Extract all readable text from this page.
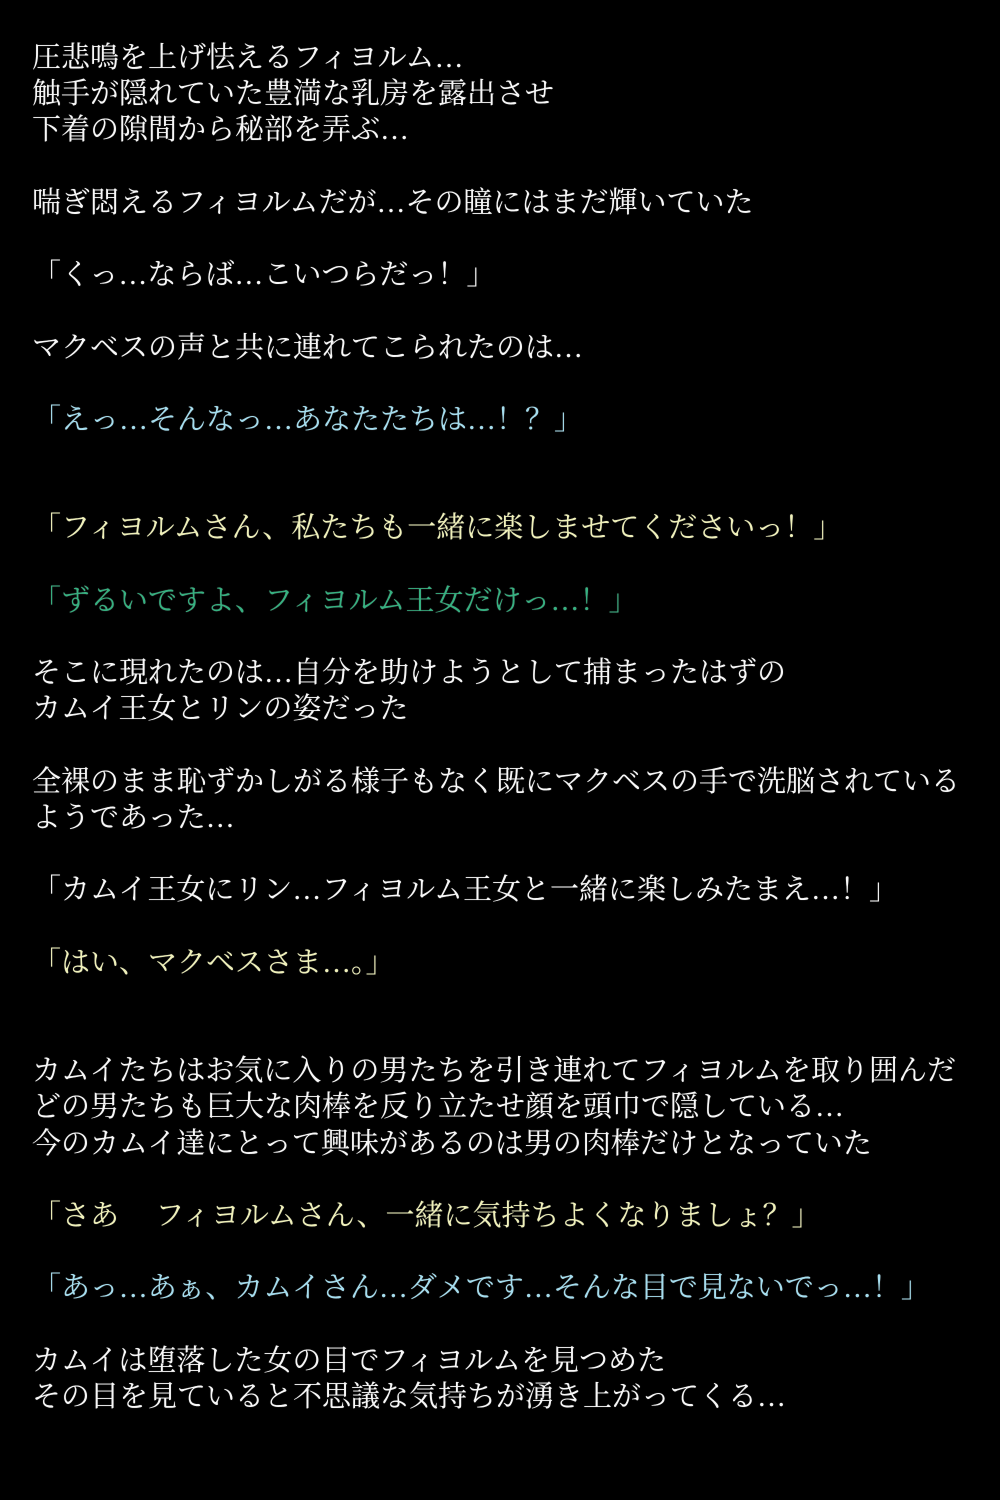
圧悲鳴を上げ怯えるフィヨルム…
触手が隠れていた豊満な乳房を露出させ
下着の隙間から秘部を弄ぶ…

喘ぎ悶えるフィヨルムだが…その瞳にはまだ輝いていた

「くっ…ならば…こいつらだっ！」

マクベスの声と共に連れてこられたのは…

「えっ…そんなっ…あなたたちは…！？」

「フィヨルムさん、私たちも一緒に楽しませてくださいっ！」

「ずるいですよ、フィヨルム王女だけっ…！」

そこに現れたのは…自分を助けようとして捕まったはずの
カムイ王女とリンの姿だった

全裸のまま恥ずかしがる様子もなく既にマクベスの手で洗脳されている
ようであった…

「カムイ王女にリン…フィヨルム王女と一緒に楽しみたまえ…！」

「はい、マクベスさま…。」

カムイたちはお気に入りの男たちを引き連れてフィヨルムを取り囲んだ
どの男たちも巨大な肉棒を反り立たせ顔を頭巾で隠している…
今のカムイ達にとって興味があるのは男の肉棒だけとなっていた

「さあ　 フィヨルムさん、一緒に気持ちよくなりましょ？」

「あっ…あぁ、カムイさん…ダメです…そんな目で見ないでっ…！」

カムイは堕落した女の目でフィヨルムを見つめた
その目を見ていると不思議な気持ちが湧き上がってくる…
